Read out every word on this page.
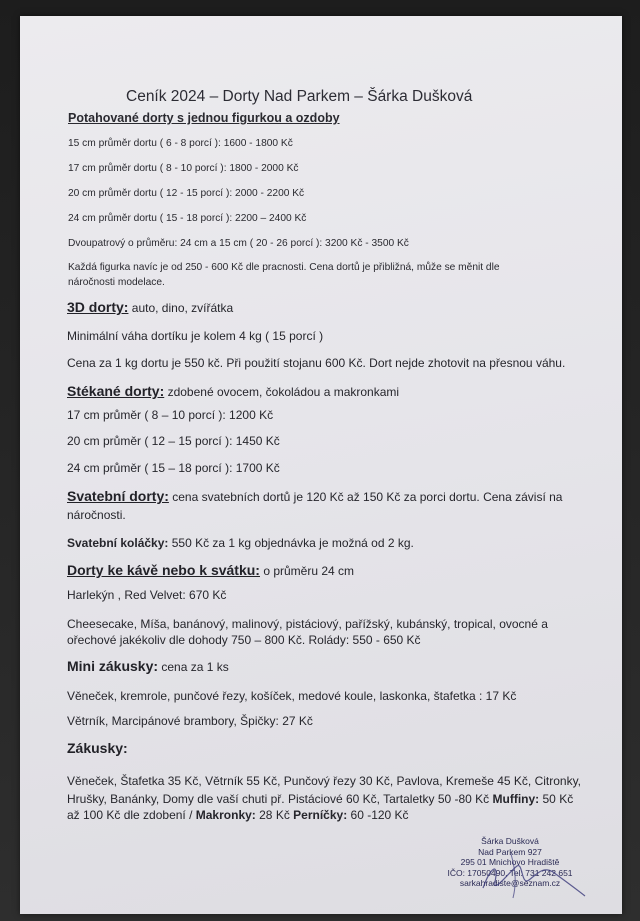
Ceník 2024 – Dorty Nad Parkem – Šárka Dušková
Potahované dorty s jednou figurkou a ozdoby
15 cm průměr dortu ( 6 - 8 porcí ): 1600 - 1800 Kč
17 cm průměr dortu ( 8 - 10 porcí ): 1800 - 2000 Kč
20 cm průměr dortu ( 12 - 15 porcí ): 2000 - 2200 Kč
24 cm průměr dortu ( 15 - 18 porcí ): 2200 – 2400 Kč
Dvoupatrový o průměru: 24 cm a 15 cm ( 20 - 26 porcí ): 3200 Kč - 3500 Kč
Každá figurka navíc je od 250 - 600 Kč dle pracnosti. Cena dortů je přibližná, může se měnit dle
náročnosti modelace.
3D dorty: auto, dino, zvířátka
Minimální váha dortíku je kolem 4 kg ( 15 porcí )
Cena za 1 kg dortu je 550 kč. Při použití stojanu 600 Kč. Dort nejde zhotovit na přesnou váhu.
Stékané dorty: zdobené ovocem, čokoládou a makronkami
17 cm průměr ( 8 – 10 porcí ): 1200 Kč
20 cm průměr ( 12 – 15 porcí ): 1450 Kč
24 cm průměr ( 15 – 18 porcí ): 1700 Kč
Svatební dorty: cena svatebních dortů je 120 Kč až 150 Kč za porci dortu. Cena závisí na
náročnosti.
Svatební koláčky: 550 Kč za 1 kg objednávka je možná od 2 kg.
Dorty ke kávě nebo k svátku: o průměru 24 cm
Harlekýn , Red Velvet: 670 Kč
Cheesecake, Míša, banánový, malinový, pistáciový, pařížský, kubánský, tropical, ovocné a
ořechové jakékoliv dle dohody 750 – 800 Kč. Rolády: 550 - 650 Kč
Mini zákusky: cena za 1 ks
Věneček, kremrole, punčové řezy, košíček, medové koule, laskonka, štafetka : 17 Kč
Větrník, Marcipánové brambory, Špičky: 27 Kč
Zákusky:
Věneček, Štafetka 35 Kč, Větrník 55 Kč, Punčový řezy 30 Kč, Pavlova, Kremeše 45 Kč, Citronky,
Hrušky, Banánky, Domy dle vaší chuti př. Pistáciové 60 Kč, Tartaletky 50 -80 Kč Muffiny: 50 Kč
až 100 Kč dle zdobení / Makronky: 28 Kč Perníčky: 60 -120 Kč
Šárka Dušková
Nad Parkem 927
295 01 Mnichovo Hradiště
IČO: 17050490, Tel: 731 242 651
sarkahradiste@seznam.cz
